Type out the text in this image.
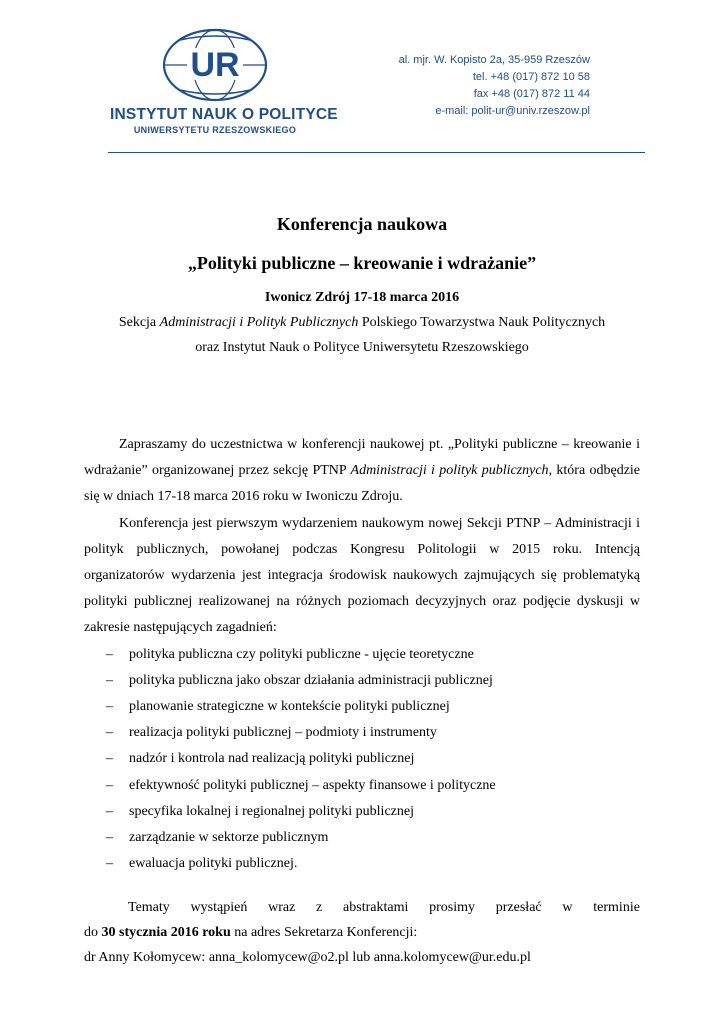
UR
INSTYTUT NAUK O POLITYCE
UNIWERSYTETU RZESZOWSKIEGO
al. mjr. W. Kopisto 2a, 35-959 Rzeszów
tel. +48 (017) 872 10 58
fax +48 (017) 872 11 44
e-mail: polit-ur@univ.rzeszow.pl
Konferencja naukowa
„Polityki publiczne – kreowanie i wdrażanie”
Iwonicz Zdrój 17-18 marca 2016
Sekcja Administracji i Polityk Publicznych Polskiego Towarzystwa Nauk Politycznych
oraz Instytut Nauk o Polityce Uniwersytetu Rzeszowskiego

Zapraszamy do uczestnictwa w konferencji naukowej pt. „Polityki publiczne – kreowanie i wdrażanie” organizowanej przez sekcję PTNP Administracji i polityk publicznych, która odbędzie się w dniach 17-18 marca 2016 roku w Iwoniczu Zdroju.

Konferencja jest pierwszym wydarzeniem naukowym nowej Sekcji PTNP – Administracji i polityk publicznych, powołanej podczas Kongresu Politologii w 2015 roku. Intencją organizatorów wydarzenia jest integracja środowisk naukowych zajmujących się problematyką polityki publicznej realizowanej na różnych poziomach decyzyjnych oraz podjęcie dyskusji w zakresie następujących zagadnień:

– polityka publiczna czy polityki publiczne - ujęcie teoretyczne
– polityka publiczna jako obszar działania administracji publicznej
– planowanie strategiczne w kontekście polityki publicznej
– realizacja polityki publicznej – podmioty i instrumenty
– nadzór i kontrola nad realizacją polityki publicznej
– efektywność polityki publicznej – aspekty finansowe i polityczne
– specyfika lokalnej i regionalnej polityki publicznej
– zarządzanie w sektorze publicznym
– ewaluacja polityki publicznej.
Tematy wystąpień wraz z abstraktami prosimy przesłać w terminie
do 30 stycznia 2016 roku na adres Sekretarza Konferencji:
dr Anny Kołomycew: anna_kolomycew@o2.pl lub anna.kolomycew@ur.edu.pl
